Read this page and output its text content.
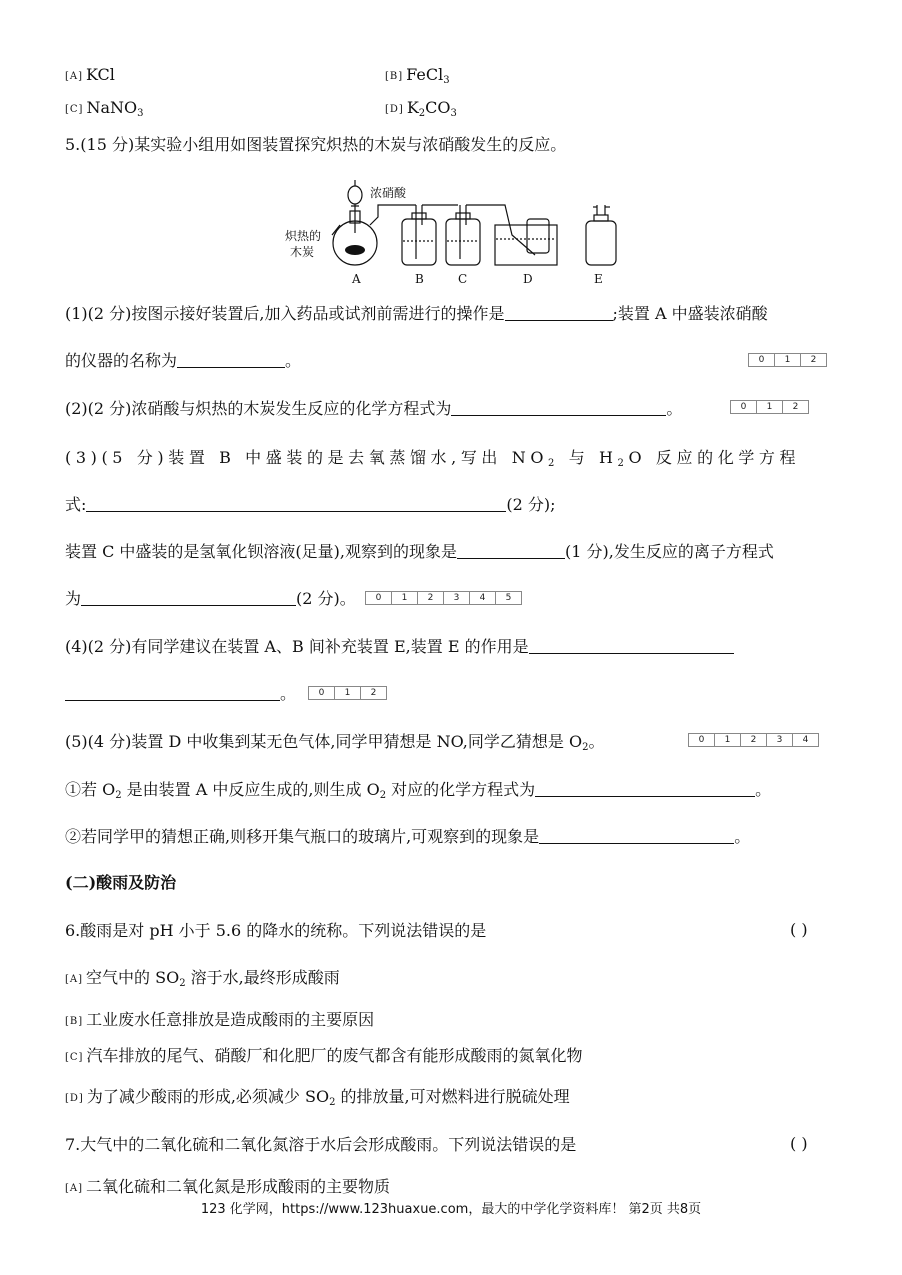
[A] KCl	[B] FeCl$_3$
[C] NaNO$_3$	[D] $K_2CO_3$
5.(15 分)某实验小组用如图装置探究炽热的木炭与浓硝酸发生的反应。
浓硝酸
炽热的
木炭
A	B	C	D	E
(1)(2 分)按图示接好装置后,加入药品或试剂前需进行的操作是	;装置 A 中盛装浓硝酸
的仪器的名称为	。	0	1	2
(2)(2 分)浓硝酸与炽热的木炭发生反应的化学方程式为	。	0	1	2
(3)(5 分)装置 B 中盛装的是去氧蒸馏水,写出 $NO_2$ 与 $H_2O$ 反应的化学方程
式:	(2 分);
装置 C 中盛装的是氢氧化钡溶液(足量),观察到的现象是	(1 分),发生反应的离子方程式
为	(2 分)。	0	1	2	3	4	5
(4)(2 分)有同学建议在装置 A、B 间补充装置 E,装置 E 的作用是
。	0	1	2
(5)(4 分)装置 D 中收集到某无色气体,同学甲猜想是 NO,同学乙猜想是 $O_2$。	0	1	2	3	4
①若 $O_2$ 是由装置 A 中反应生成的,则生成 $O_2$ 对应的化学方程式为	。
②若同学甲的猜想正确,则移开集气瓶口的玻璃片,可观察到的现象是	。
(二)酸雨及防治
6.酸雨是对 pH 小于 5.6 的降水的统称。下列说法错误的是	( )
[A] 空气中的 $SO_2$ 溶于水,最终形成酸雨
[B] 工业废水任意排放是造成酸雨的主要原因
[C] 汽车排放的尾气、硝酸厂和化肥厂的废气都含有能形成酸雨的氮氧化物
[D] 为了减少酸雨的形成,必须减少 $SO_2$ 的排放量,可对燃料进行脱硫处理
7.大气中的二氧化硫和二氧化氮溶于水后会形成酸雨。下列说法错误的是	( )
[A] 二氧化硫和二氧化氮是形成酸雨的主要物质
123 化学网，https://www.123huaxue.com，最大的中学化学资料库！ 第2页 共8页
